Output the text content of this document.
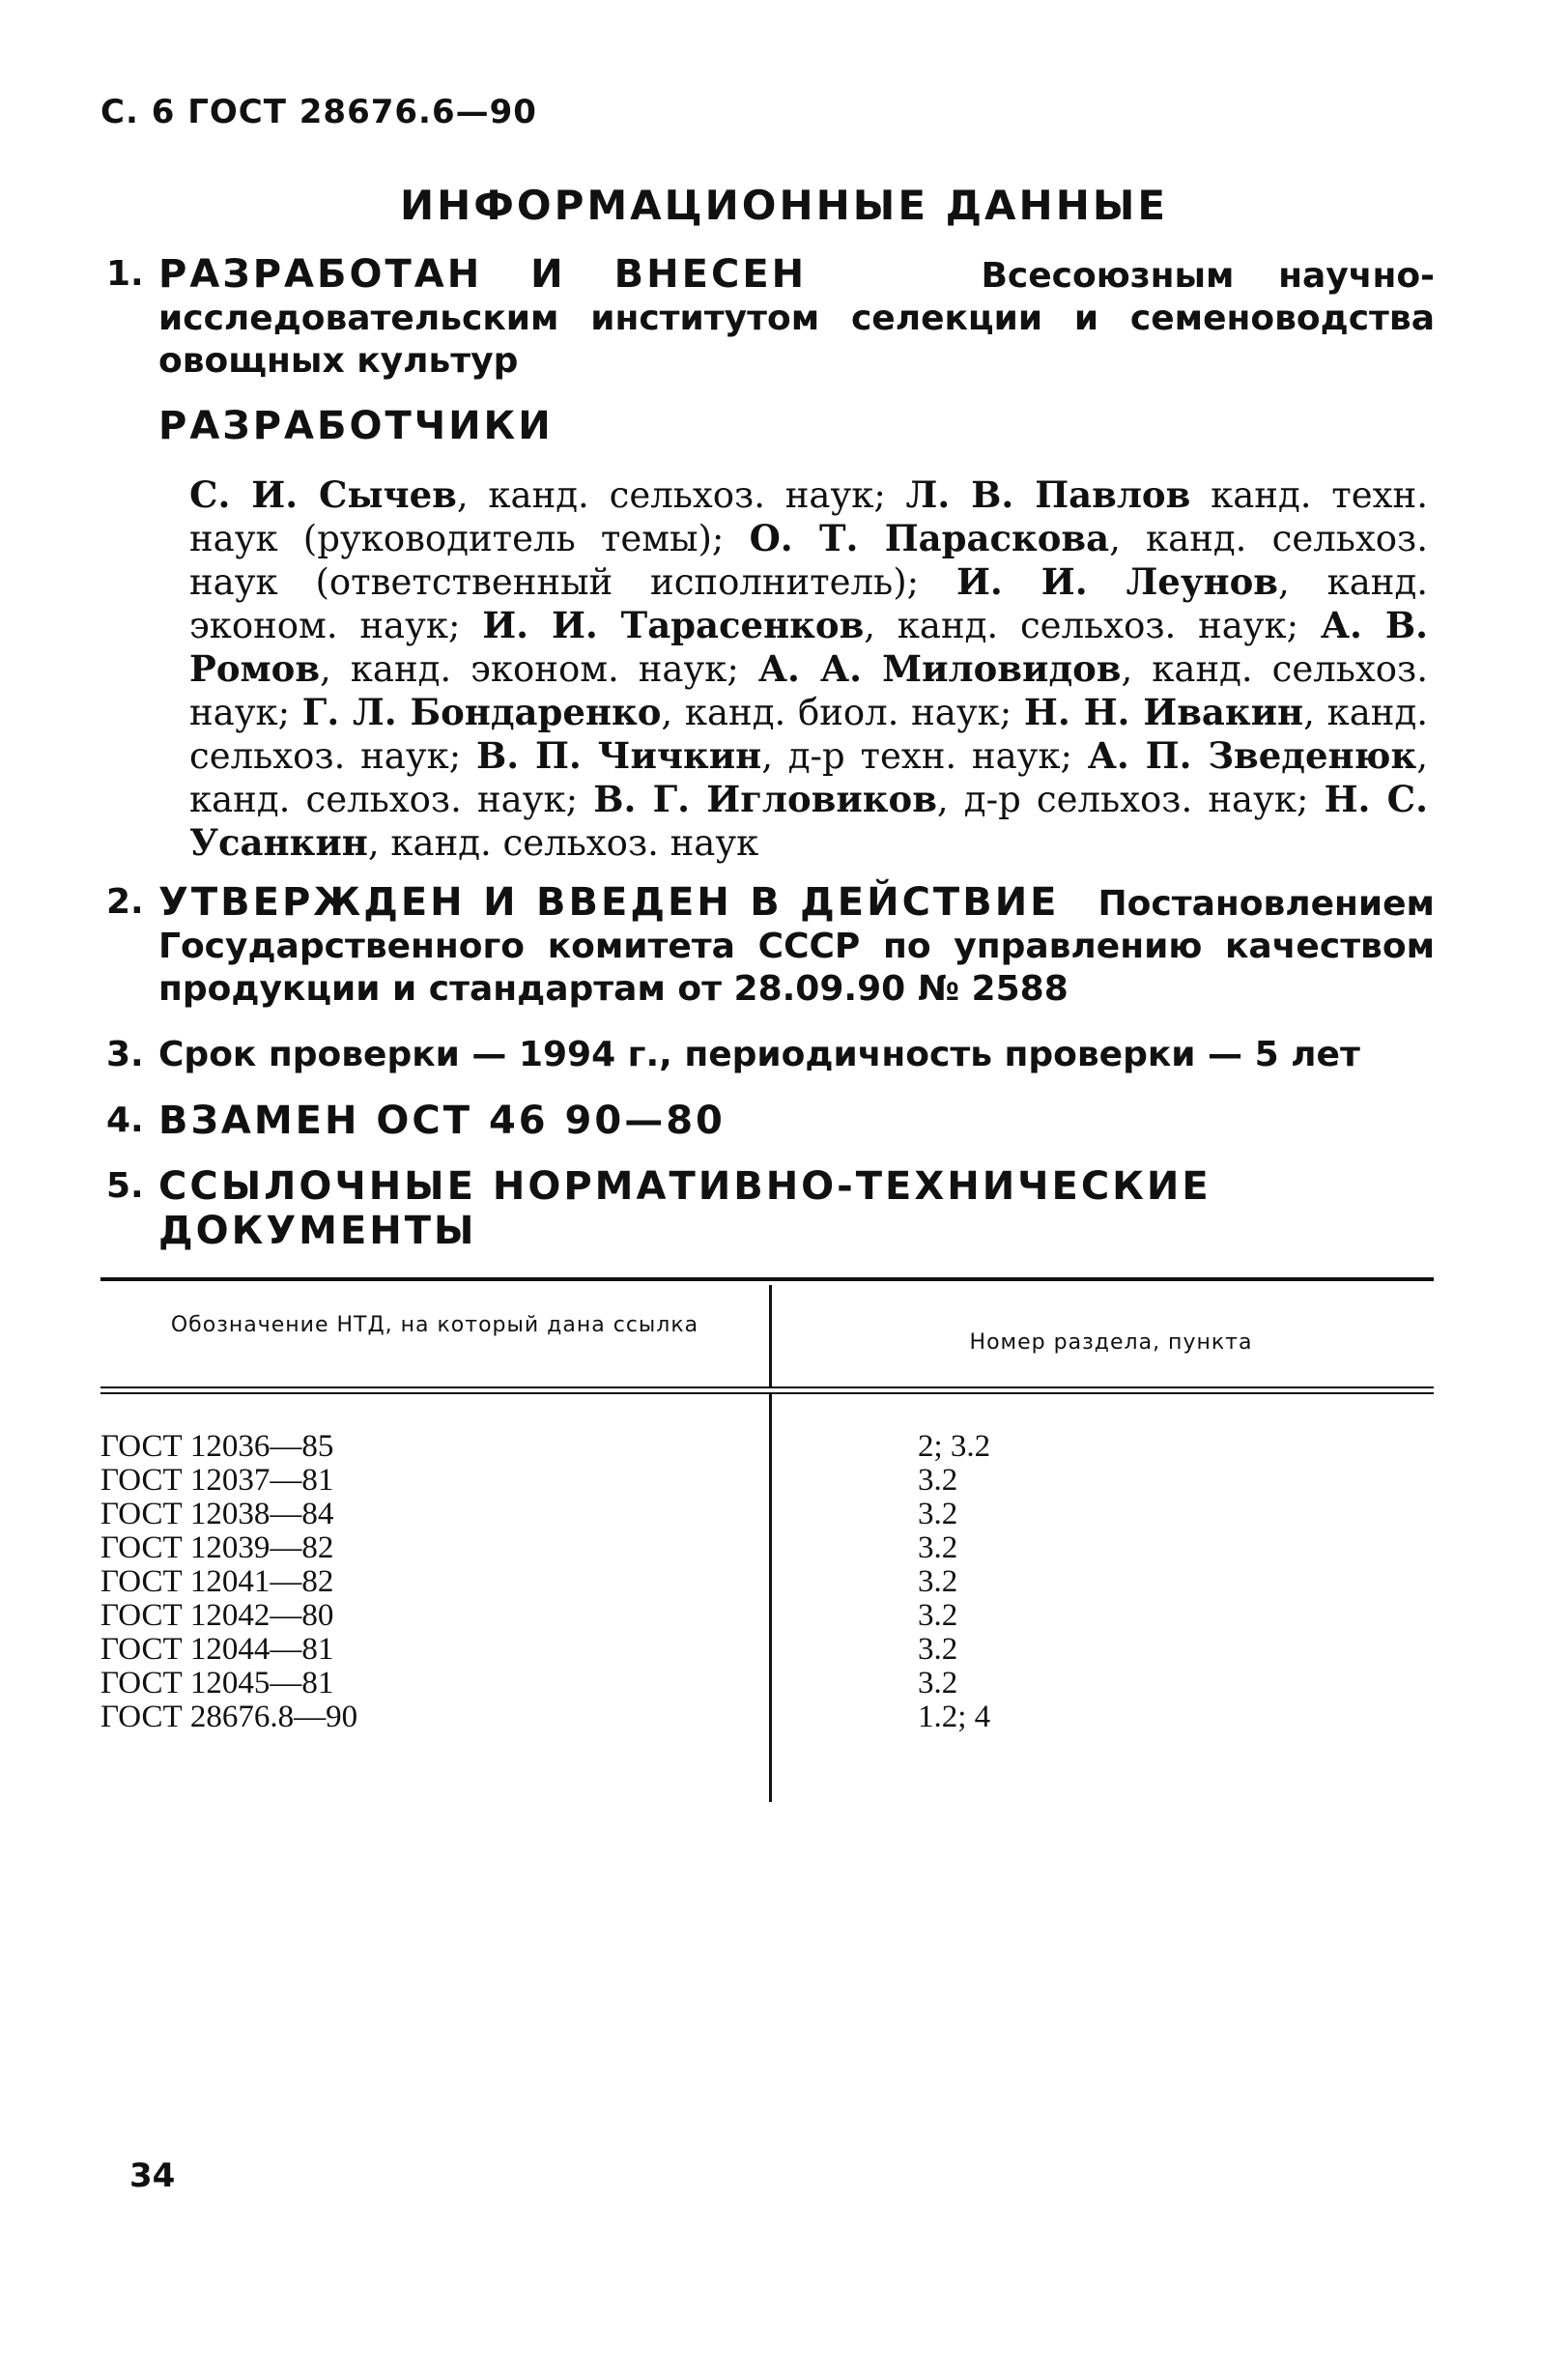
С. 6 ГОСТ 28676.6—90
ИНФОРМАЦИОННЫЕ ДАННЫЕ
1. РАЗРАБОТАН И ВНЕСЕН	Всесоюзным научно-исследовательским институтом селекции и семеноводства овощных культур
РАЗРАБОТЧИКИ
С. И. Сычев, канд. сельхоз. наук; Л. В. Павлов канд. техн. наук (руководитель темы); О. Т. Параскова, канд. сельхоз. наук (ответственный исполнитель); И. И. Леунов, канд. эконом. наук; И. И. Тарасенков, канд. сельхоз. наук; А. В. Ромов, канд. эконом. наук; А. А. Миловидов, канд. сельхоз. наук; Г. Л. Бондаренко, канд. биол. наук; Н. Н. Ивакин, канд. сельхоз. наук; В. П. Чичкин, д-р техн. наук; А. П. Зведенюк, канд. сельхоз. наук; В. Г. Игловиков, д-р сельхоз. наук; Н. С. Усанкин, канд. сельхоз. наук
2. УТВЕРЖДЕН И ВВЕДЕН В ДЕЙСТВИЕ Постановлением Государственного комитета СССР по управлению качеством продукции и стандартам от 28.09.90 № 2588
3. Срок проверки — 1994 г., периодичность проверки — 5 лет
4. ВЗАМЕН ОСТ 46 90—80
5. ССЫЛОЧНЫЕ НОРМАТИВНО-ТЕХНИЧЕСКИЕ ДОКУМЕНТЫ
Обозначение НТД, на который дана ссылка
Номер раздела, пункта
ГОСТ 12036—85
ГОСТ 12037—81
ГОСТ 12038—84
ГОСТ 12039—82
ГОСТ 12041—82
ГОСТ 12042—80
ГОСТ 12044—81
ГОСТ 12045—81
ГОСТ 28676.8—90
2; 3.2
3.2
3.2
3.2
3.2
3.2
3.2
3.2
1.2; 4
34
